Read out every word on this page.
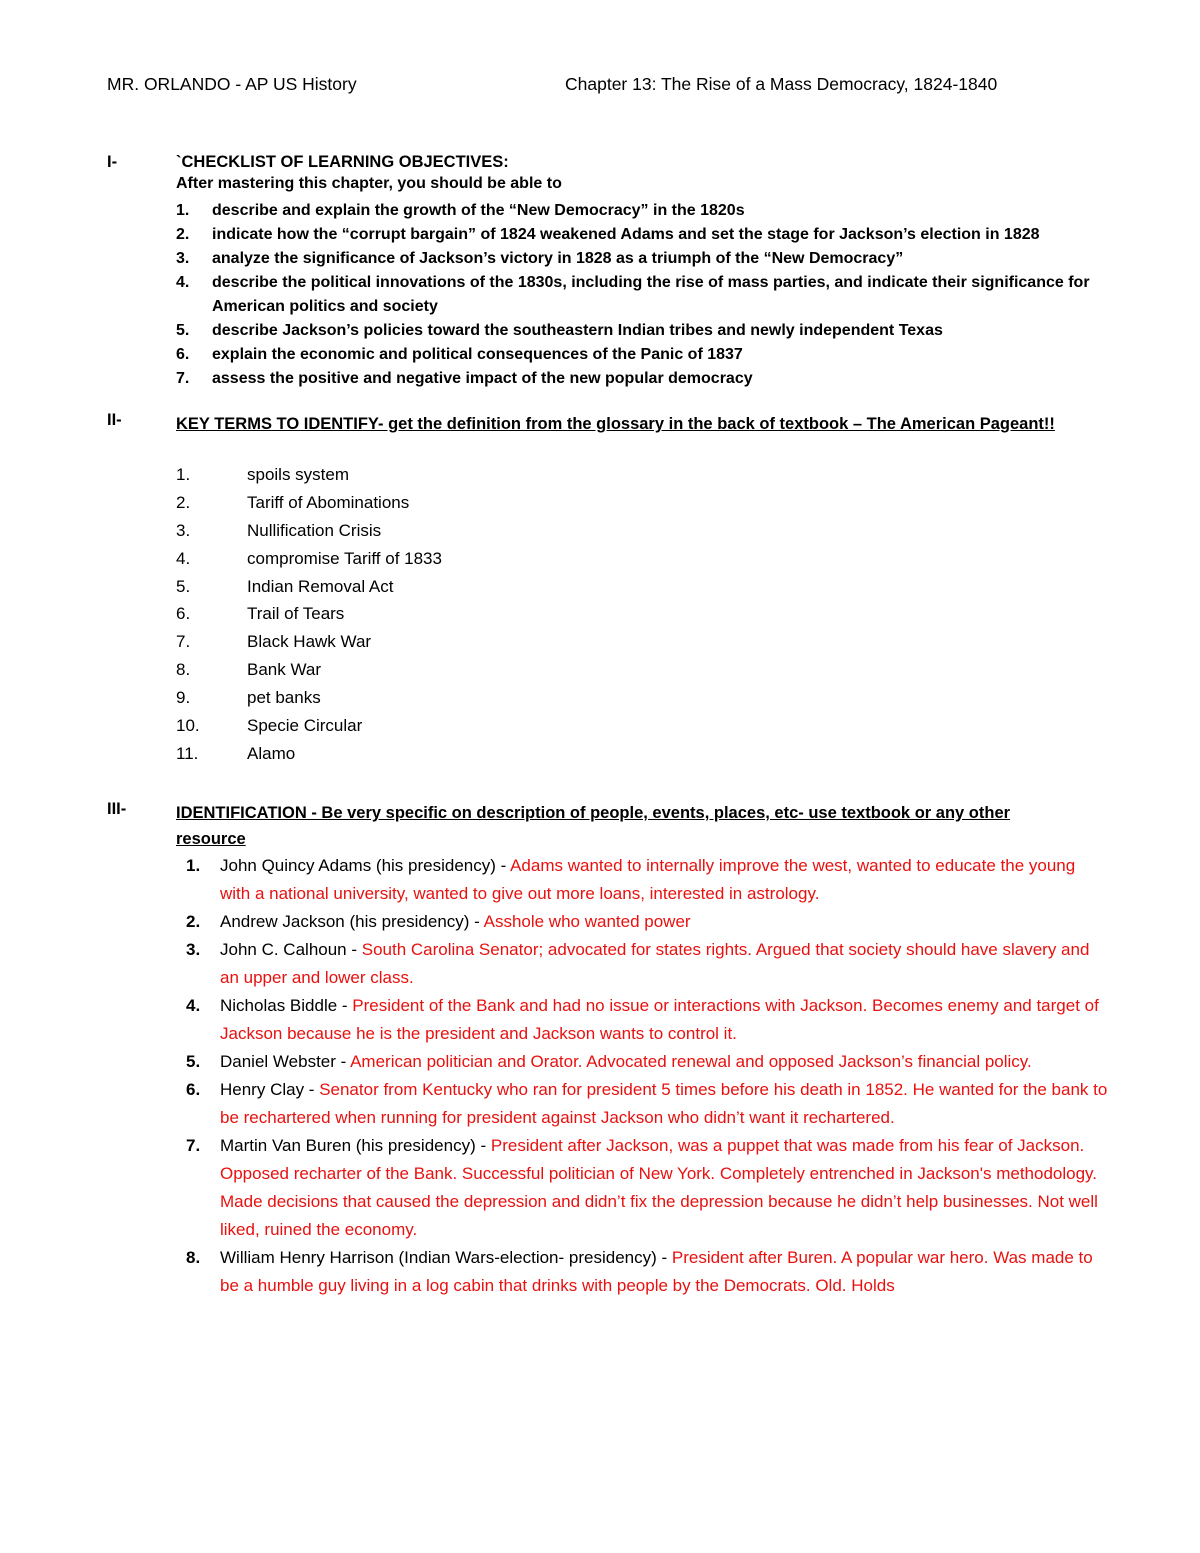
MR. ORLANDO - AP US History	Chapter 13: The Rise of a Mass Democracy, 1824-1840
I-	`CHECKLIST OF LEARNING OBJECTIVES:
After mastering this chapter, you should be able to
1. describe and explain the growth of the “New Democracy” in the 1820s
2. indicate how the “corrupt bargain” of 1824 weakened Adams and set the stage for Jackson’s election in 1828
3. analyze the significance of Jackson’s victory in 1828 as a triumph of the “New Democracy”
4. describe the political innovations of the 1830s, including the rise of mass parties, and indicate their significance for American politics and society
5. describe Jackson’s policies toward the southeastern Indian tribes and newly independent Texas
6. explain the economic and political consequences of the Panic of 1837
7. assess the positive and negative impact of the new popular democracy
II-	KEY TERMS TO IDENTIFY- get the definition from the glossary in the back of textbook – The American Pageant!!
1.	spoils system
2.	Tariff of Abominations
3.	Nullification Crisis
4.	compromise Tariff of 1833
5.	Indian Removal Act
6.	Trail of Tears
7.	Black Hawk War
8.	Bank War
9.	pet banks
10.	Specie Circular
11.	Alamo
III-	IDENTIFICATION - Be very specific on description of people, events, places, etc- use textbook or any other resource
1. John Quincy Adams (his presidency) - Adams wanted to internally improve the west, wanted to educate the young with a national university, wanted to give out more loans, interested in astrology.
2. Andrew Jackson (his presidency) - Asshole who wanted power
3. John C. Calhoun - South Carolina Senator; advocated for states rights. Argued that society should have slavery and an upper and lower class.
4. Nicholas Biddle - President of the Bank and had no issue or interactions with Jackson. Becomes enemy and target of Jackson because he is the president and Jackson wants to control it.
5. Daniel Webster - American politician and Orator. Advocated renewal and opposed Jackson’s financial policy.
6. Henry Clay - Senator from Kentucky who ran for president 5 times before his death in 1852. He wanted for the bank to be rechartered when running for president against Jackson who didn’t want it rechartered.
7. Martin Van Buren (his presidency) - President after Jackson, was a puppet that was made from his fear of Jackson. Opposed recharter of the Bank. Successful politician of New York. Completely entrenched in Jackson's methodology. Made decisions that caused the depression and didn’t fix the depression because he didn’t help businesses. Not well liked, ruined the economy.
8. William Henry Harrison (Indian Wars-election- presidency) - President after Buren. A popular war hero. Was made to be a humble guy living in a log cabin that drinks with people by the Democrats. Old. Holds
